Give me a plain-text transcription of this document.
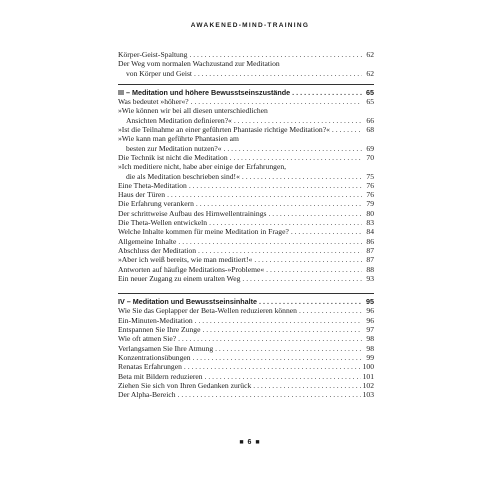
AWAKENED-MIND-TRAINING
Körper-Geist-Spaltung . . .	62
Der Weg vom normalen Wachzustand zur Meditation
von Körper und Geist . . .	62
III – Meditation und höhere Bewusstseinszustände . . .	65
Was bedeutet »höher«? . . .	65
»Wie können wir bei all diesen unterschiedlichen
Ansichten Meditation definieren?« . . .	66
»Ist die Teilnahme an einer geführten Phantasie richtige Meditation?« . . .	68
»Wie kann man geführte Phantasien am
besten zur Meditation nutzen?« . . .	69
Die Technik ist nicht die Meditation . . .	70
»Ich meditiere nicht, habe aber einige der Erfahrungen,
die als Meditation beschrieben sind!« . . .	75
Eine Theta-Meditation . . .	76
Haus der Türen . . .	76
Die Erfahrung verankern . . .	79
Der schrittweise Aufbau des Hirnwellentrainings . . .	80
Die Theta-Wellen entwickeln . . .	83
Welche Inhalte kommen für meine Meditation in Frage? . . .	84
Allgemeine Inhalte . . .	86
Abschluss der Meditation . . .	87
»Aber ich weiß bereits, wie man meditiert!« . . .	87
Antworten auf häufige Meditations-»Probleme« . . .	88
Ein neuer Zugang zu einem uralten Weg . . .	93
IV – Meditation und Bewusstseinsinhalte . . .	95
Wie Sie das Geplapper der Beta-Wellen reduzieren können . . .	96
Ein-Minuten-Meditation . . .	96
Entspannen Sie Ihre Zunge . . .	97
Wie oft atmen Sie? . . .	98
Verlangsamen Sie Ihre Atmung . . .	98
Konzentrationsübungen . . .	99
Renatas Erfahrungen . . .	100
Beta mit Bildern reduzieren . . .	101
Ziehen Sie sich von Ihren Gedanken zurück . . .	102
Der Alpha-Bereich . . .	103
■ 6 ■
